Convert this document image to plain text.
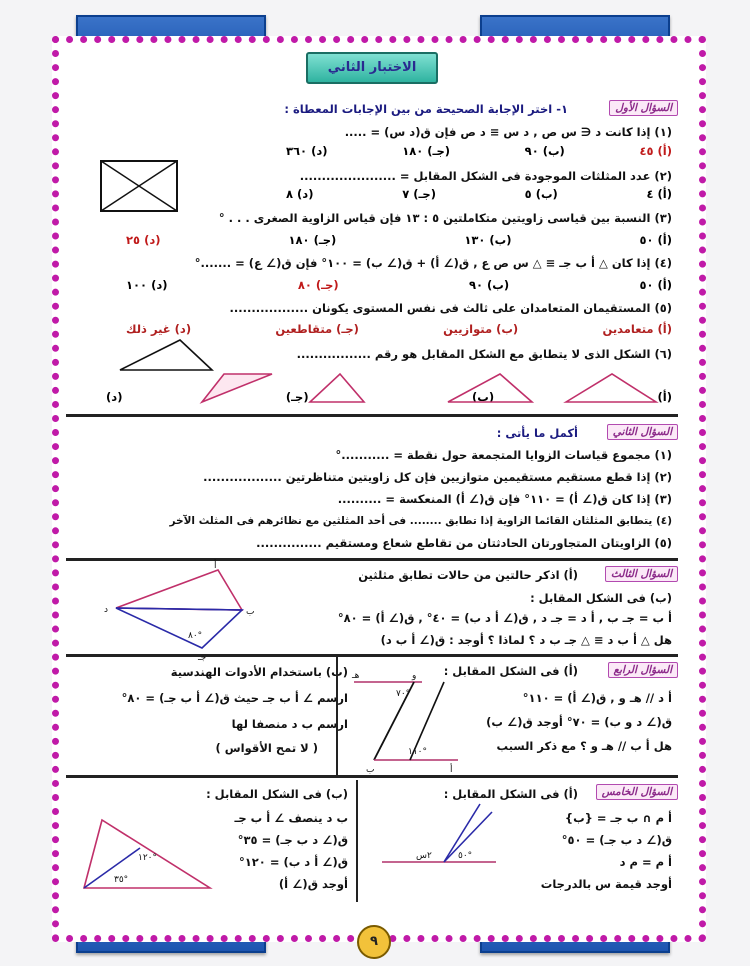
الاختبار الثاني
السؤال الأول
١- اختر الإجابة الصحيحة من بين الإجابات المعطاة :
(١) إذا كانت د ∈ س ص , د س ≡ د ص فإن ق(د س) = .....
(أ) ٤٥
(ب) ٩٠
(جـ) ١٨٠
(د) ٣٦٠
(٢) عدد المثلثات الموجودة فى الشكل المقابل = ......................
(أ) ٤
(ب) ٥
(جـ) ٧
(د) ٨
(٣) النسبة بين قياسى زاويتين متكاملتين ٥ : ١٣ فإن قياس الزاوية الصغرى . . . °
(أ) ٥٠
(ب) ١٣٠
(جـ) ١٨٠
(د) ٢٥
(٤) إذا كان △ أ ب جـ ≡ △ س ص ع , ق(∠ أ) + ق(∠ ب) = ١٠٠° فإن ق(∠ ع) = .......°
(أ) ٥٠
(ب) ٩٠
(جـ) ٨٠
(د) ١٠٠
(٥) المستقيمان المتعامدان على ثالث فى نفس المستوى يكونان ..................
(أ) متعامدين
(ب) متوازيين
(جـ) متقاطعين
(د) غير ذلك
(٦) الشكل الذى لا يتطابق مع الشكل المقابل هو رقم .................
(أ)
(ب)
(جـ)
(د)
السؤال الثاني
أكمل ما يأتى :
(١) مجموع قياسات الزوايا المتجمعة حول نقطة = ...........°
(٢) إذا قطع مستقيم مستقيمين متوازيين فإن كل زاويتين متناظرتين ..................
(٣) إذا كان ق(∠ أ) = ١١٠° فإن ق(∠ أ) المنعكسة = ..........
(٤) يتطابق المثلثان القائما الزاوية إذا تطابق ........ فى أحد المثلثين مع نظائرهم فى المثلث الآخر
(٥) الزاويتان المتجاورتان الحادثتان من تقاطع شعاع ومستقيم ...............
السؤال الثالث
(أ) اذكر حالتين من حالات تطابق مثلثين
(ب) فى الشكل المقابل :
أ ب = جـ ب , أ د = جـ د , ق(∠ أ د ب) = ٤٠° , ق(∠ أ) = ٨٠°
هل △ أ ب د ≡ △ جـ ب د ؟ لماذا ؟ أوجد : ق(∠ أ ب د)
السؤال الرابع
(أ) فى الشكل المقابل :
أ د // هـ و , ق(∠ أ) = ١١٠°
ق(∠ د و ب) = ٧٠° أوجد ق(∠ ب)
هل أ ب // هـ و ؟ مع ذكر السبب
(ب) باستخدام الأدوات الهندسية
ارسم ∠ أ ب جـ حيث ق(∠ أ ب جـ) = ٨٠°
ارسم ب د منصفا لها
( لا تمح الأقواس )
السؤال الخامس
(أ) فى الشكل المقابل :
أ م ∩ ب جـ = {ب}
ق(∠ د ب جـ) = ٥٠°
أ م = م د
أوجد قيمة س بالدرجات
(ب) فى الشكل المقابل :
ب د ينصف ∠ أ ب جـ
ق(∠ د ب جـ) = ٣٥°
ق(∠ أ د ب) = ١٢٠°
أوجد ق(∠ أ)
أ
ب
جـ
د
٨٠°
هـ	و
أ
ب
٧٠°
١١٠°
٢س	٥٠°
١٢٠°
٣٥°
٩
